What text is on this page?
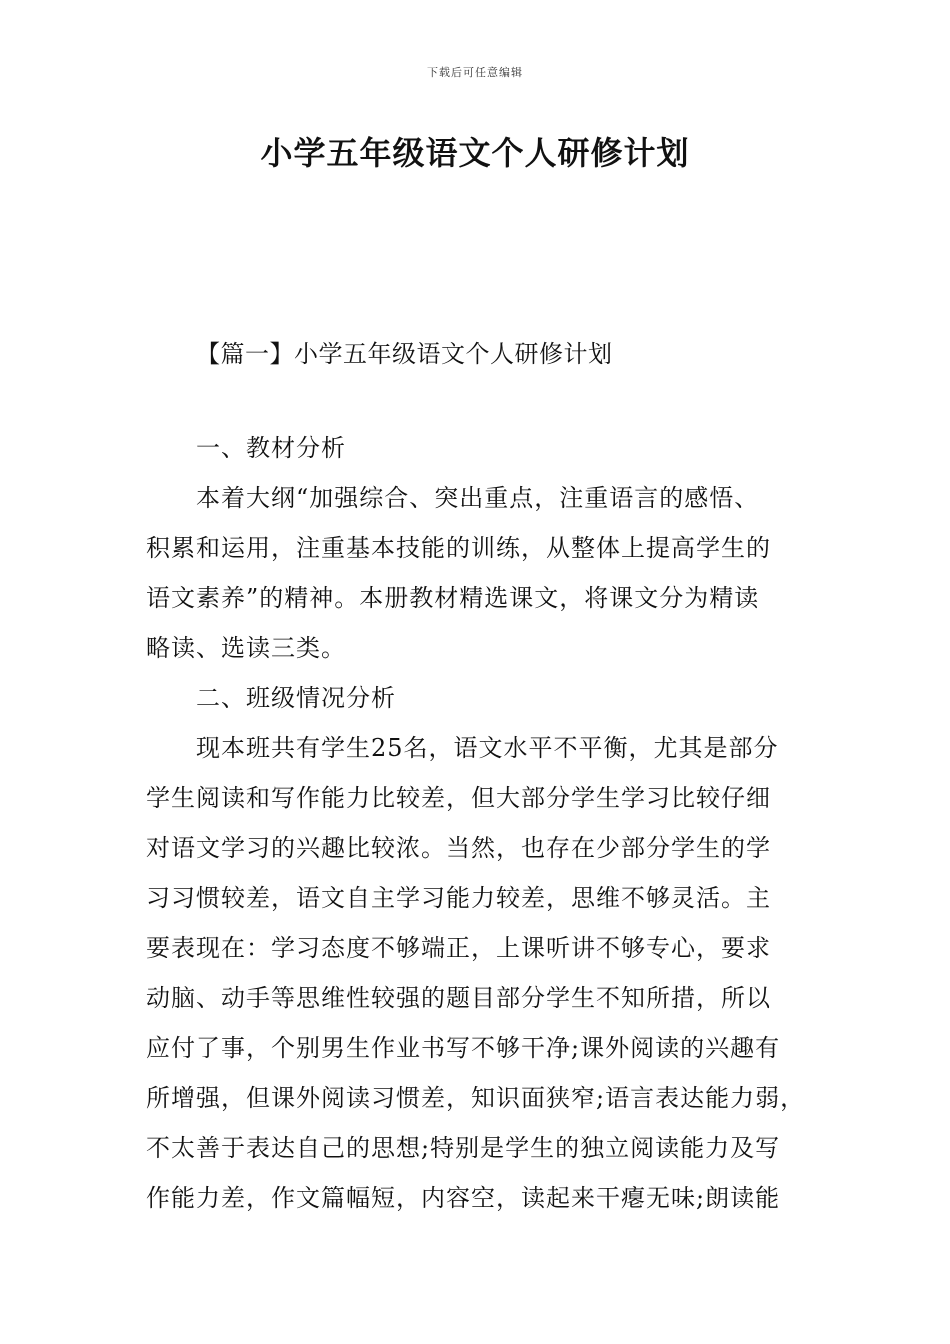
下载后可任意编辑
小学五年级语文个人研修计划
【篇一】小学五年级语文个人研修计划
一、教材分析
本着大纲“加强综合、突出重点，注重语言的感悟、
积累和运用，注重基本技能的训练，从整体上提高学生的
语文素养”的精神。本册教材精选课文，将课文分为精读
略读、选读三类。
二、班级情况分析
现本班共有学生25名，语文水平不平衡，尤其是部分
学生阅读和写作能力比较差，但大部分学生学习比较仔细
对语文学习的兴趣比较浓。当然，也存在少部分学生的学
习习惯较差，语文自主学习能力较差，思维不够灵活。主
要表现在：学习态度不够端正，上课听讲不够专心，要求
动脑、动手等思维性较强的题目部分学生不知所措，所以
应付了事，个别男生作业书写不够干净;课外阅读的兴趣有
所增强，但课外阅读习惯差，知识面狭窄;语言表达能力弱，
不太善于表达自己的思想;特别是学生的独立阅读能力及写
作能力差，作文篇幅短，内容空，读起来干瘪无味;朗读能
